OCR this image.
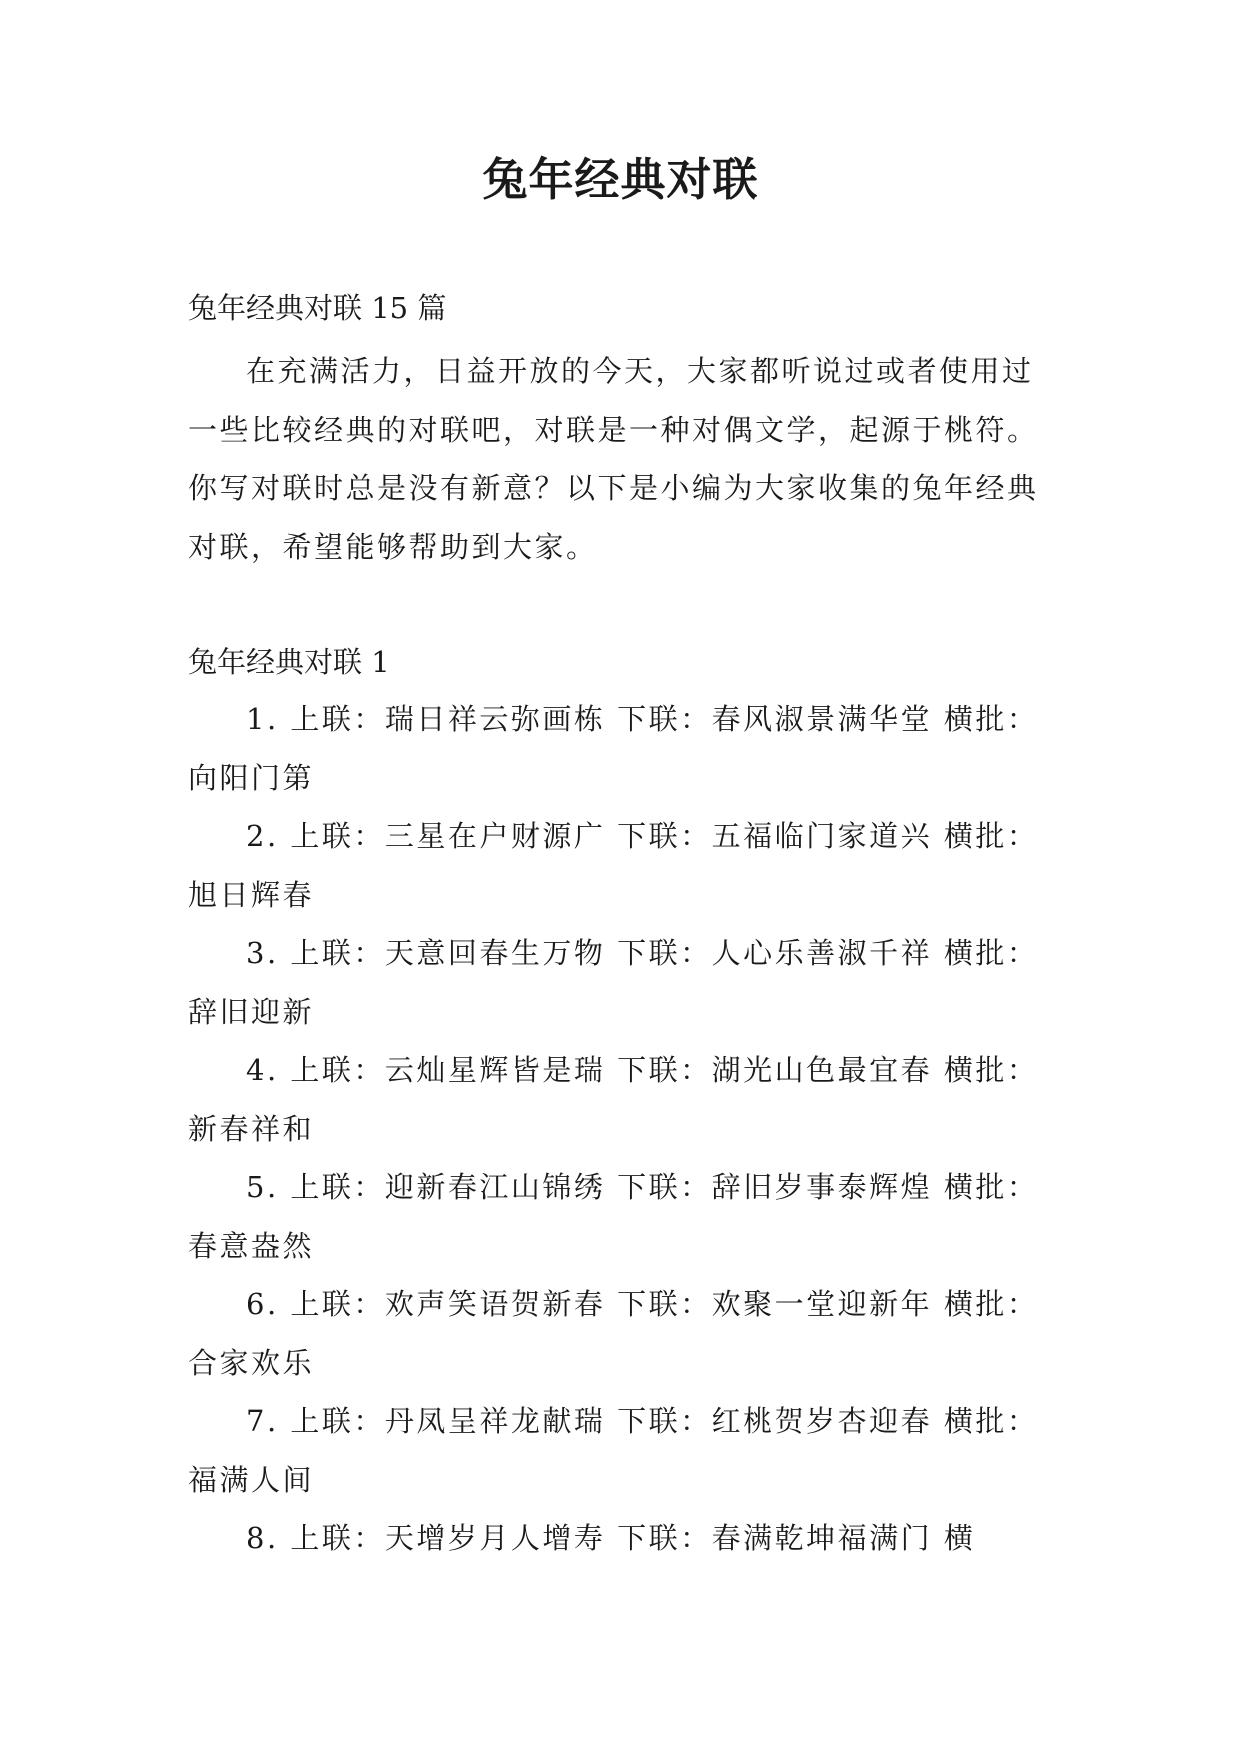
兔年经典对联
兔年经典对联 15 篇

在充满活力，日益开放的今天，大家都听说过或者使用过一些比较经典的对联吧，对联是一种对偶文学，起源于桃符。你写对联时总是没有新意？以下是小编为大家收集的兔年经典对联，希望能够帮助到大家。

兔年经典对联 1

1. 上联：瑞日祥云弥画栋 下联：春风淑景满华堂 横批：向阳门第

2. 上联：三星在户财源广 下联：五福临门家道兴 横批：旭日辉春

3. 上联：天意回春生万物 下联：人心乐善淑千祥 横批：辞旧迎新

4. 上联：云灿星辉皆是瑞 下联：湖光山色最宜春 横批：新春祥和

5. 上联：迎新春江山锦绣 下联：辞旧岁事泰辉煌 横批：春意盎然

6. 上联：欢声笑语贺新春 下联：欢聚一堂迎新年 横批：合家欢乐

7. 上联：丹凤呈祥龙献瑞 下联：红桃贺岁杏迎春 横批：福满人间

8. 上联：天增岁月人增寿 下联：春满乾坤福满门 横
